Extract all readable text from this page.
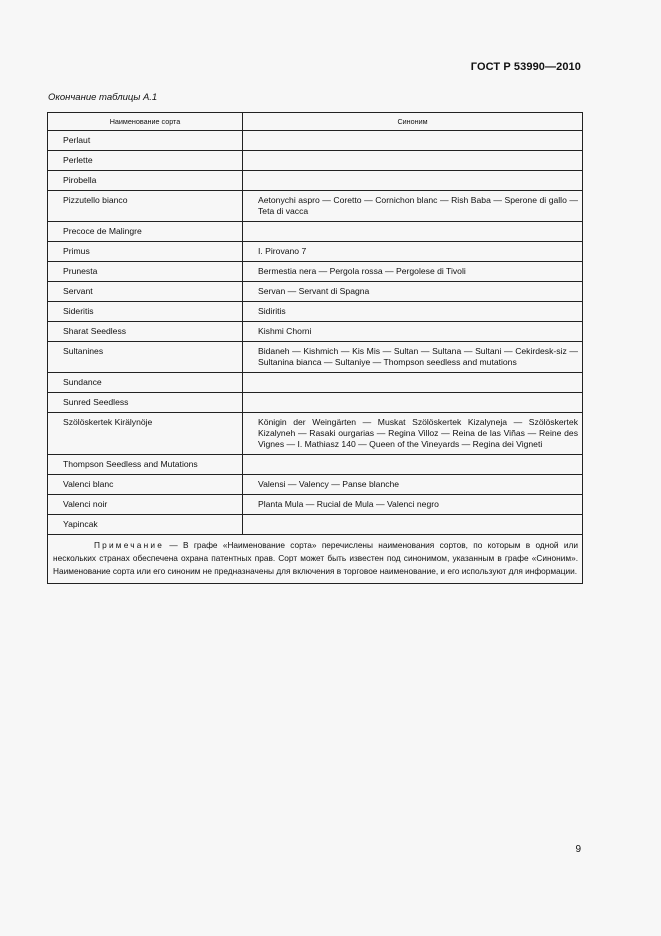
ГОСТ Р 53990—2010
Окончание таблицы А.1
Наименование сорта	Синоним
Perlaut	
Perlette	
Pirobella	
Pizzutello bianco	Aetonychi aspro — Coretto — Cornichon blanc — Rish Baba — Sperone di gallo — Teta di vacca
Precoce de Malingre	
Primus	I. Pirovano 7
Prunesta	Bermestia nera — Pergola rossa — Pergolese di Tivoli
Servant	Servan — Servant di Spagna
Sideritis	Sidiritis
Sharat Seedless	Kishmi Chorni
Sultanines	Bidaneh — Kishmich — Kis Mis — Sultan — Sultana — Sultani — Cekirdesk-siz — Sultanina bianca — Sultaniye — Thompson seedless and mutations
Sundance	
Sunred Seedless	
Szölöskertek Kirälynöje	Königin der Weingärten — Muskat Szölöskertek Kizalyneja — Szölöskertek Kizalyneh — Rasaki ourgarias — Regina Villoz — Reina de las Viñas — Reine des Vignes — I. Mathiasz 140 — Queen of the Vineyards — Regina dei Vigneti
Thompson Seedless and Mutations	
Valenci blanc	Valensi — Valency — Panse blanche
Valenci noir	Planta Mula — Rucial de Mula — Valenci negro
Yapincak	
Примечание — В графе «Наименование сорта» перечислены наименования сортов, по которым в одной или нескольких странах обеспечена охрана патентных прав. Сорт может быть известен под синонимом, указанным в графе «Синоним». Наименование сорта или его синоним не предназначены для включения в торговое наименование, и его используют для информации.	
9
